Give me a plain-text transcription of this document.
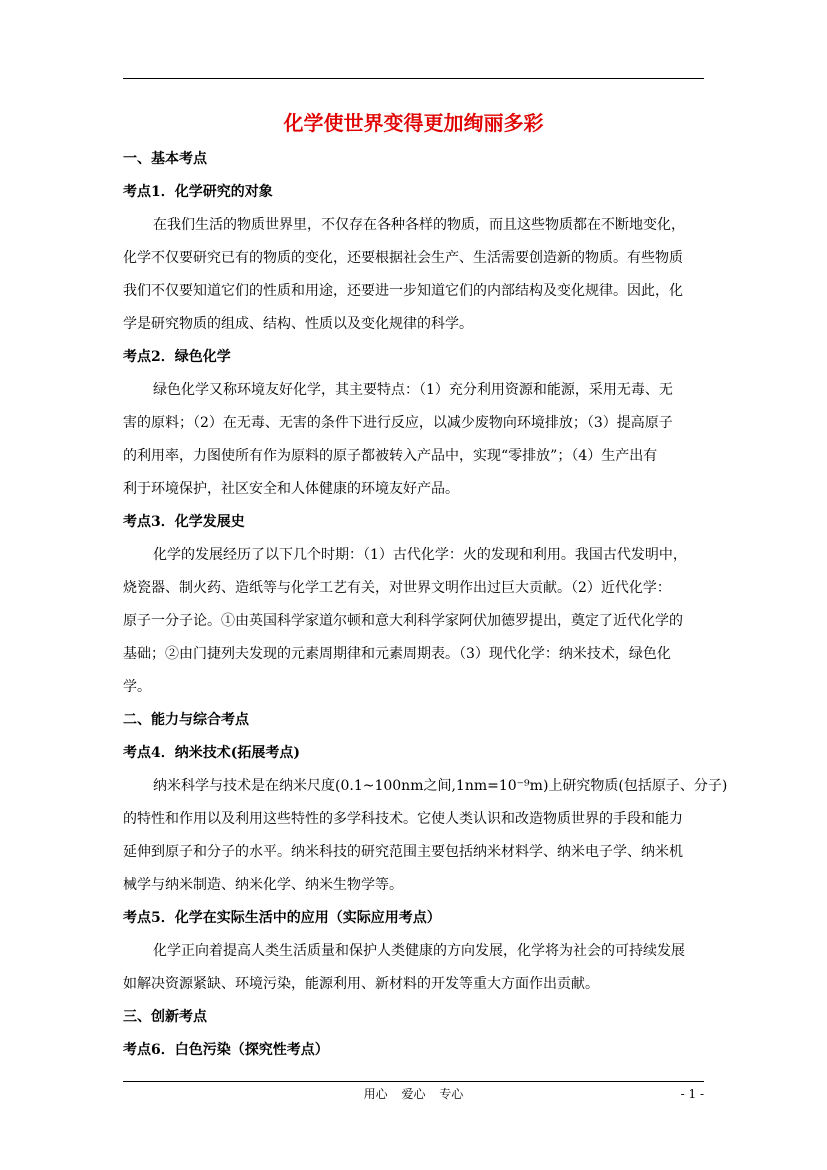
化学使世界变得更加绚丽多彩
一、基本考点
考点1．化学研究的对象
在我们生活的物质世界里，不仅存在各种各样的物质，而且这些物质都在不断地变化，
化学不仅要研究已有的物质的变化，还要根据社会生产、生活需要创造新的物质。有些物质
我们不仅要知道它们的性质和用途，还要进一步知道它们的内部结构及变化规律。因此，化
学是研究物质的组成、结构、性质以及变化规律的科学。
考点2．绿色化学
绿色化学又称环境友好化学，其主要特点：（1）充分利用资源和能源，采用无毒、无
害的原料；（2）在无毒、无害的条件下进行反应，以减少废物向环境排放；（3）提高原子
的利用率，力图使所有作为原料的原子都被转入产品中，实现“零排放”；（4）生产出有
利于环境保护，社区安全和人体健康的环境友好产品。
考点3．化学发展史
化学的发展经历了以下几个时期：（1）古代化学：火的发现和利用。我国古代发明中，
烧瓷器、制火药、造纸等与化学工艺有关，对世界文明作出过巨大贡献。（2）近代化学：
原子一分子论。①由英国科学家道尔顿和意大利科学家阿伏加德罗提出，奠定了近代化学的
基础；②由门捷列夫发现的元素周期律和元素周期表。（3）现代化学：纳米技术，绿色化
学。
二、能力与综合考点
考点4．纳米技术(拓展考点)
纳米科学与技术是在纳米尺度(0.1~100nm之间,1nm=10⁻⁹m)上研究物质(包括原子、分子)
的特性和作用以及利用这些特性的多学科技术。它使人类认识和改造物质世界的手段和能力
延伸到原子和分子的水平。纳米科技的研究范围主要包括纳米材料学、纳米电子学、纳米机
械学与纳米制造、纳米化学、纳米生物学等。
考点5．化学在实际生活中的应用（实际应用考点）
化学正向着提高人类生活质量和保护人类健康的方向发展，化学将为社会的可持续发展
如解决资源紧缺、环境污染，能源利用、新材料的开发等重大方面作出贡献。
三、创新考点
考点6．白色污染（探究性考点）
用心 爱心 专心	- 1 -
